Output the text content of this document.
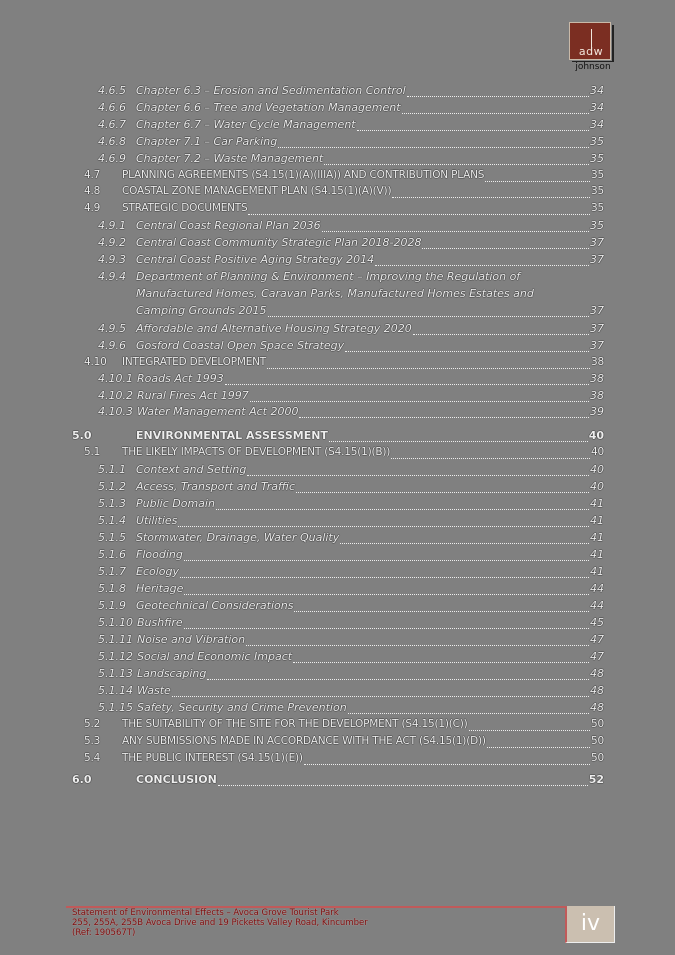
adw
johnson
4.6.5 Chapter 6.3 – Erosion and Sedimentation Control	34
4.6.6 Chapter 6.6 – Tree and Vegetation Management	34
4.6.7 Chapter 6.7 – Water Cycle Management	34
4.6.8 Chapter 7.1 – Car Parking	35
4.6.9 Chapter 7.2 – Waste Management	35
4.7	PLANNING AGREEMENTS (S4.15(1)(A)(IIIA)) AND CONTRIBUTION PLANS	35
4.8	COASTAL ZONE MANAGEMENT PLAN (S4.15(1)(A)(V))	35
4.9	STRATEGIC DOCUMENTS	35
4.9.1 Central Coast Regional Plan 2036	35
4.9.2 Central Coast Community Strategic Plan 2018-2028	37
4.9.3 Central Coast Positive Aging Strategy 2014	37
4.9.4 Department of Planning & Environment – Improving the Regulation of
Manufactured Homes, Caravan Parks, Manufactured Homes Estates and
Camping Grounds 2015	37
4.9.5 Affordable and Alternative Housing Strategy 2020	37
4.9.6 Gosford Coastal Open Space Strategy	37
4.10	INTEGRATED DEVELOPMENT	38
4.10.1 Roads Act 1993	38
4.10.2 Rural Fires Act 1997	38
4.10.3 Water Management Act 2000	39
5.0	ENVIRONMENTAL ASSESSMENT	40
5.1	THE LIKELY IMPACTS OF DEVELOPMENT (S4.15(1)(B))	40
5.1.1 Context and Setting	40
5.1.2 Access, Transport and Traffic	40
5.1.3 Public Domain	41
5.1.4 Utilities	41
5.1.5 Stormwater, Drainage, Water Quality	41
5.1.6 Flooding	41
5.1.7 Ecology	41
5.1.8 Heritage	44
5.1.9 Geotechnical Considerations	44
5.1.10 Bushfire	45
5.1.11 Noise and Vibration	47
5.1.12 Social and Economic Impact	47
5.1.13 Landscaping	48
5.1.14 Waste	48
5.1.15 Safety, Security and Crime Prevention	48
5.2	THE SUITABILITY OF THE SITE FOR THE DEVELOPMENT (S4.15(1)(C))	50
5.3	ANY SUBMISSIONS MADE IN ACCORDANCE WITH THE ACT (S4.15(1)(D))	50
5.4	THE PUBLIC INTEREST (S4.15(1)(E))	50
6.0	CONCLUSION	52
Statement of Environmental Effects – Avoca Grove Tourist Park
255, 255A, 255B Avoca Drive and 19 Picketts Valley Road, Kincumber
(Ref: 190567T)	iv
